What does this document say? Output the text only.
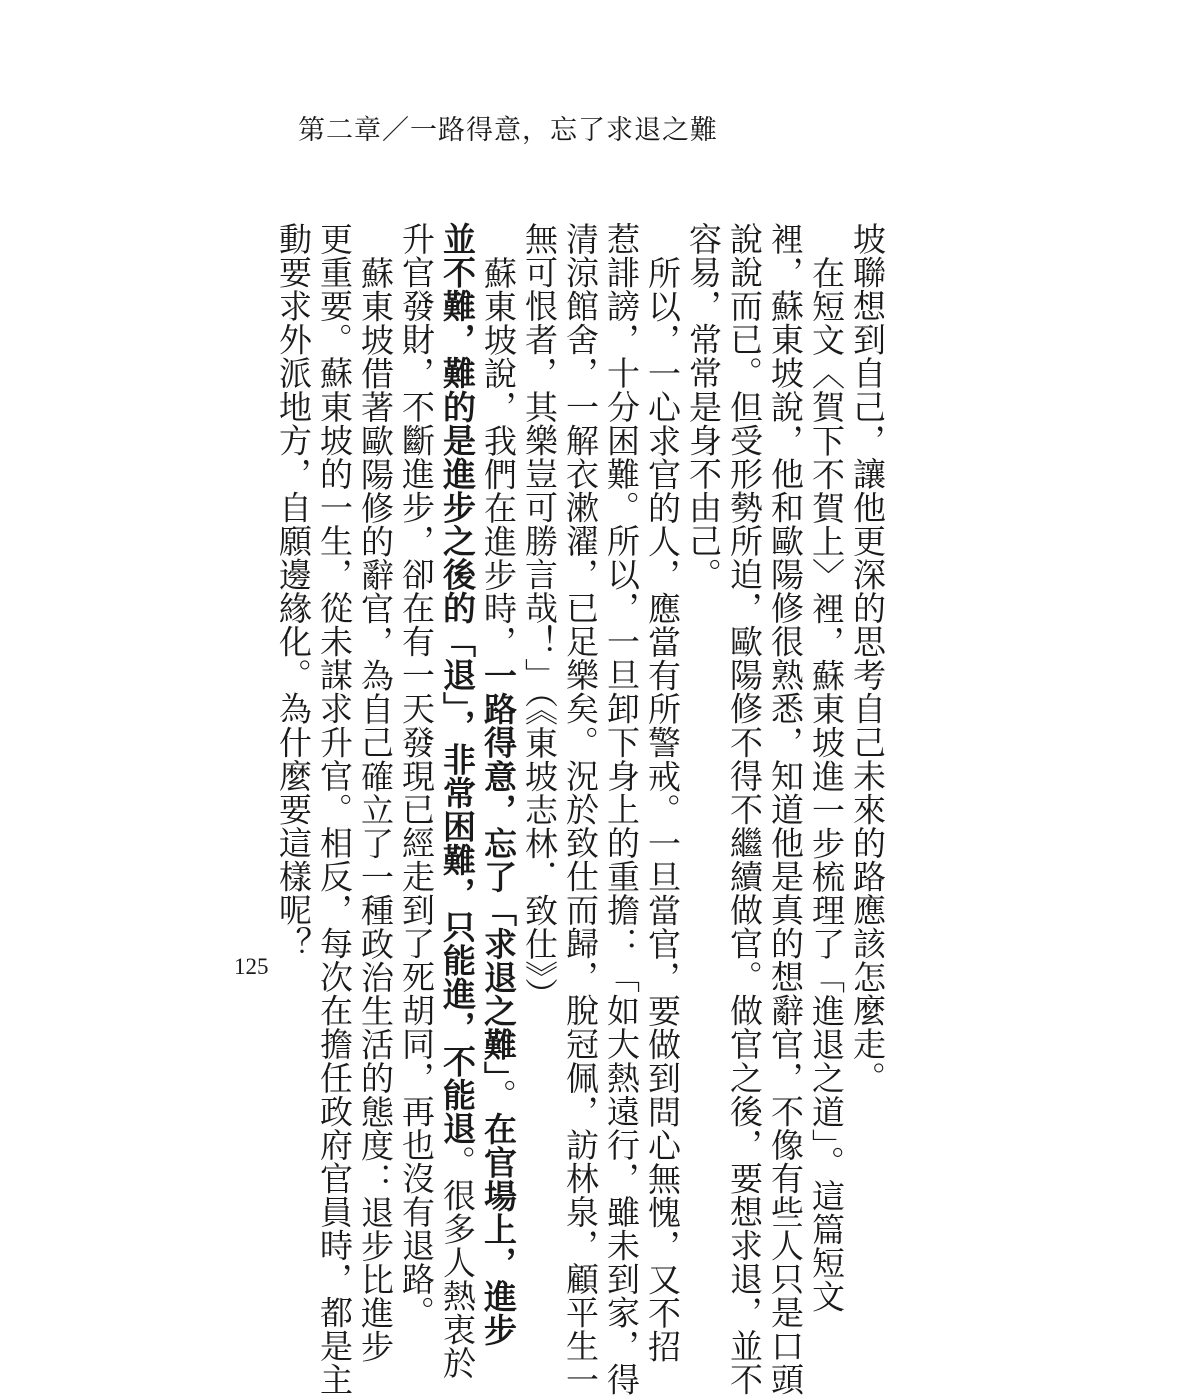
第二章／一路得意，忘了求退之難
坡聯想到自己，讓他更深的思考自己未來的路應該怎麼走。
在短文〈賀下不賀上〉裡，蘇東坡進一步梳理了「進退之道」。這篇短文
裡，蘇東坡說，他和歐陽修很熟悉，知道他是真的想辭官，不像有些人只是口頭
說說而已。但受形勢所迫，歐陽修不得不繼續做官。做官之後，要想求退，並不
容易，常常是身不由己。
所以，一心求官的人，應當有所警戒。一旦當官，要做到問心無愧，又不招
惹誹謗，十分困難。所以，一旦卸下身上的重擔：「如大熱遠行，雖未到家，得
清涼館舍，一解衣漱濯，已足樂矣。況於致仕而歸，脫冠佩，訪林泉，顧平生一
無可恨者，其樂豈可勝言哉！」（《東坡志林．致仕》）
蘇東坡說，我們在進步時，一路得意，忘了「求退之難」。在官場上，進步
並不難，難的是進步之後的「退」，非常困難，只能進，不能退。很多人熱衷於
升官發財，不斷進步，卻在有一天發現已經走到了死胡同，再也沒有退路。
蘇東坡借著歐陽修的辭官，為自己確立了一種政治生活的態度：退步比進步
更重要。蘇東坡的一生，從未謀求升官。相反，每次在擔任政府官員時，都是主
動要求外派地方，自願邊緣化。為什麼要這樣呢？
125
